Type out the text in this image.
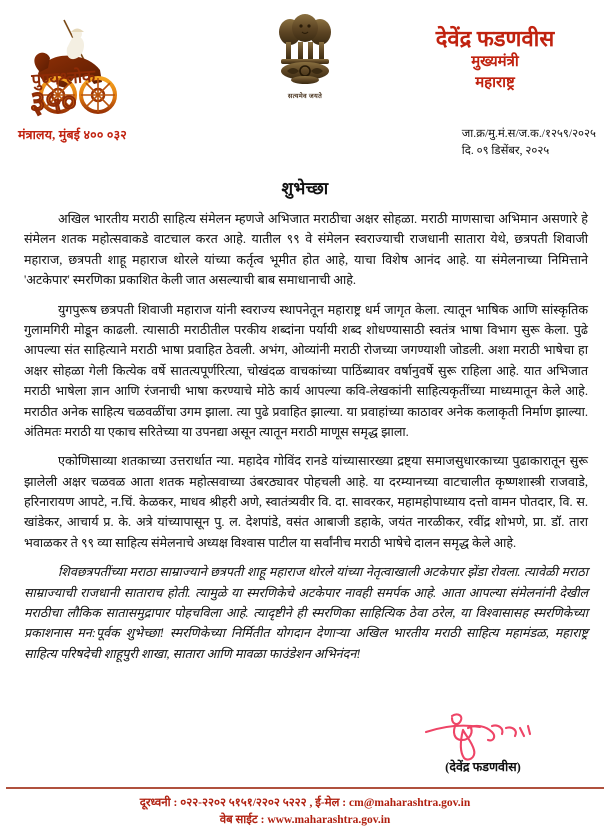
पुण्यश्लोक
३५०
मंत्रालय, मुंबई ४०० ०३२
सत्यमेव जयते
देवेंद्र फडणवीस
मुख्यमंत्री
महाराष्ट्र
जा.क्र/मु.मं.स/ज.क./१२५९/२०२५
दि. ०९ डिसेंबर, २०२५
शुभेच्छा

अखिल भारतीय मराठी साहित्य संमेलन म्हणजे अभिजात मराठीचा अक्षर सोहळा. मराठी माणसाचा अभिमान असणारे हे संमेलन शतक महोत्सवाकडे वाटचाल करत आहे. यातील ९९ वे संमेलन स्वराज्याची राजधानी सातारा येथे, छत्रपती शिवाजी महाराज, छत्रपती शाहू महाराज थोरले यांच्या कर्तृत्व भूमीत होत आहे, याचा विशेष आनंद आहे. या संमेलनाच्या निमित्ताने 'अटकेपार' स्मरणिका प्रकाशित केली जात असल्याची बाब समाधानाची आहे.

युगपुरूष छत्रपती शिवाजी महाराज यांनी स्वराज्य स्थापनेतून महाराष्ट्र धर्म जागृत केला. त्यातून भाषिक आणि सांस्कृतिक गुलामगिरी मोडून काढली. त्यासाठी मराठीतील परकीय शब्दांना पर्यायी शब्द शोधण्यासाठी स्वतंत्र भाषा विभाग सुरू केला. पुढे आपल्या संत साहित्याने मराठी भाषा प्रवाहित ठेवली. अभंग, ओव्यांनी मराठी रोजच्या जगण्याशी जोडली. अशा मराठी भाषेचा हा अक्षर सोहळा गेली कित्येक वर्षे सातत्यपूर्णरित्या, चोखंदळ वाचकांच्या पाठिंब्यावर वर्षानुवर्षे सुरू राहिला आहे. यात अभिजात मराठी भाषेला ज्ञान आणि रंजनाची भाषा करण्याचे मोठे कार्य आपल्या कवि-लेखकांनी साहित्यकृतींच्या माध्यमातून केले आहे. मराठीत अनेक साहित्य चळवळींचा उगम झाला. त्या पुढे प्रवाहित झाल्या. या प्रवाहांच्या काठावर अनेक कलाकृती निर्माण झाल्या. अंतिमतः मराठी या एकाच सरितेच्या या उपनद्या असून त्यातून मराठी माणूस समृद्ध झाला.

एकोणिसाव्या शतकाच्या उत्तरार्धात न्या. महादेव गोविंद रानडे यांच्यासारख्या द्रष्ट्या समाजसुधारकाच्या पुढाकारातून सुरू झालेली अक्षर चळवळ आता शतक महोत्सवाच्या उंबरठ्यावर पोहचली आहे. या दरम्यानच्या वाटचालीत कृष्णशास्त्री राजवाडे, हरिनारायण आपटे, न.चिं. केळकर, माधव श्रीहरी अणे, स्वातंत्र्यवीर वि. दा. सावरकर, महामहोपाध्याय दत्तो वामन पोतदार, वि. स. खांडेकर, आचार्य प्र. के. अत्रे यांच्यापासून पु. ल. देशपांडे, वसंत आबाजी डहाके, जयंत नारळीकर, रवींद्र शोभणे, प्रा. डॉ. तारा भवाळकर ते ९९ व्या साहित्य संमेलनाचे अध्यक्ष विश्वास पाटील या सर्वांनीच मराठी भाषेचे दालन समृद्ध केले आहे.

शिवछत्रपतींच्या मराठा साम्राज्याने छत्रपती शाहू महाराज थोरले यांच्या नेतृत्वाखाली अटकेपार झेंडा रोवला. त्यावेळी मराठा साम्राज्याची राजधानी साताराच होती. त्यामुळे या स्मरणिकेचे अटकेपार नावही समर्पक आहे. आता आपल्या संमेलनांनी देखील मराठीचा लौकिक सातासमुद्रापार पोहचविला आहे. त्यादृष्टीने ही स्मरणिका साहित्यिक ठेवा ठरेल, या विश्वासासह स्मरणिकेच्या प्रकाशनास मन:पूर्वक शुभेच्छा! स्मरणिकेच्या निर्मितीत योगदान देणाऱ्या अखिल भारतीय मराठी साहित्य महामंडळ, महाराष्ट्र साहित्य परिषदेची शाहूपुरी शाखा, सातारा आणि मावळा फाउंडेशन अभिनंदन!

(देवेंद्र फडणवीस)
दूरध्वनी : ०२२-२२०२ ५१५१/२२०२ ५२२२ , ई-मेल : cm@maharashtra.gov.in
वेब साईट : www.maharashtra.gov.in
